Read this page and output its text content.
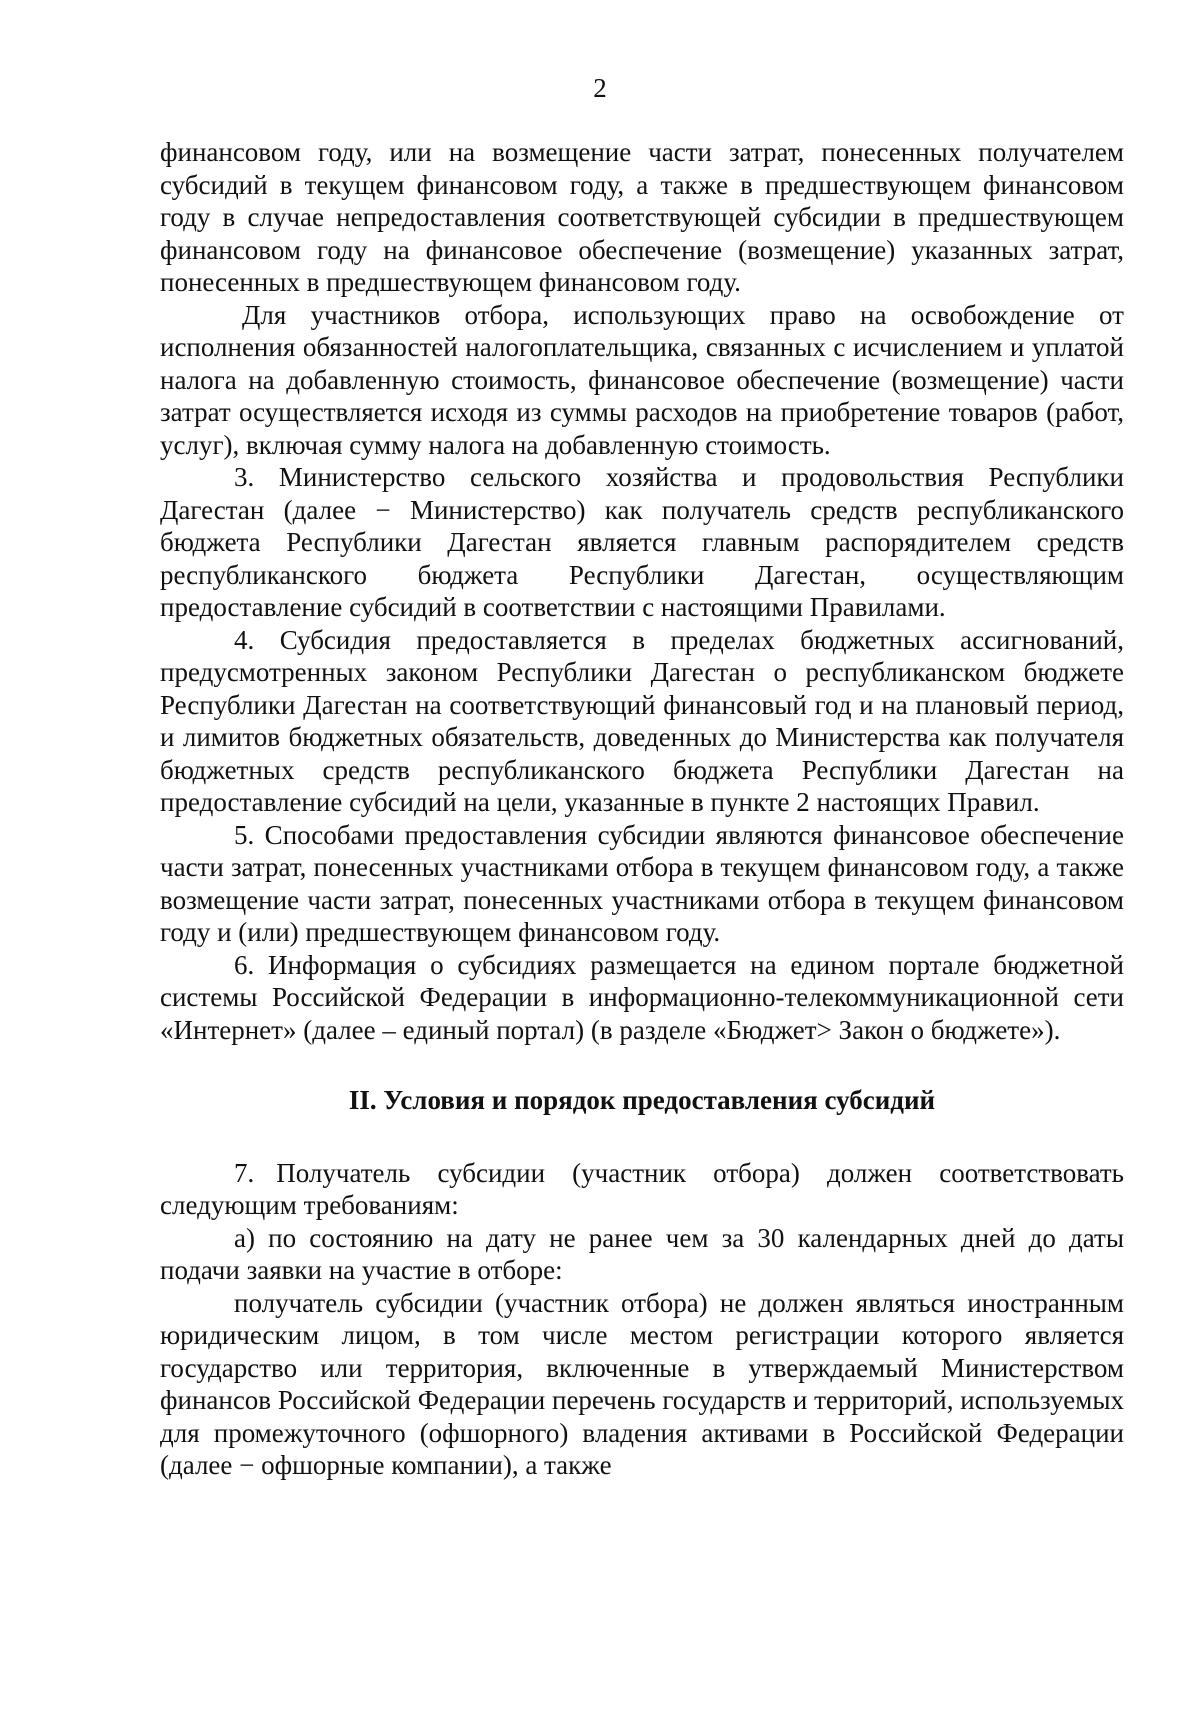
2

финансовом году, или на возмещение части затрат, понесенных получателем субсидий в текущем финансовом году, а также в предшествующем финансовом году в случае непредоставления соответствующей субсидии в предшествующем финансовом году на финансовое обеспечение (возмещение) указанных затрат, понесенных в предшествующем финансовом году.

Для участников отбора, использующих право на освобождение от исполнения обязанностей налогоплательщика, связанных с исчислением и уплатой налога на добавленную стоимость, финансовое обеспечение (возмещение) части затрат осуществляется исходя из суммы расходов на приобретение товаров (работ, услуг), включая сумму налога на добавленную стоимость.

3. Министерство сельского хозяйства и продовольствия Республики Дагестан (далее − Министерство) как получатель средств республиканского бюджета Республики Дагестан является главным распорядителем средств республиканского бюджета Республики Дагестан, осуществляющим предоставление субсидий в соответствии с настоящими Правилами.

4. Субсидия предоставляется в пределах бюджетных ассигнований, предусмотренных законом Республики Дагестан о республиканском бюджете Республики Дагестан на соответствующий финансовый год и на плановый период, и лимитов бюджетных обязательств, доведенных до Министерства как получателя бюджетных средств республиканского бюджета Республики Дагестан на предоставление субсидий на цели, указанные в пункте 2 настоящих Правил.

5. Способами предоставления субсидии являются финансовое обеспечение части затрат, понесенных участниками отбора в текущем финансовом году, а также возмещение части затрат, понесенных участниками отбора в текущем финансовом году и (или) предшествующем финансовом году.

6. Информация о субсидиях размещается на едином портале бюджетной системы Российской Федерации в информационно-телекоммуникационной сети «Интернет» (далее – единый портал) (в разделе «Бюджет> Закон о бюджете»).

II. Условия и порядок предоставления субсидий

7. Получатель субсидии (участник отбора) должен соответствовать следующим требованиям:

а) по состоянию на дату не ранее чем за 30 календарных дней до даты подачи заявки на участие в отборе:

получатель субсидии (участник отбора) не должен являться иностранным юридическим лицом, в том числе местом регистрации которого является государство или территория, включенные в утверждаемый Министерством финансов Российской Федерации перечень государств и территорий, используемых для промежуточного (офшорного) владения активами в Российской Федерации (далее − офшорные компании), а также
